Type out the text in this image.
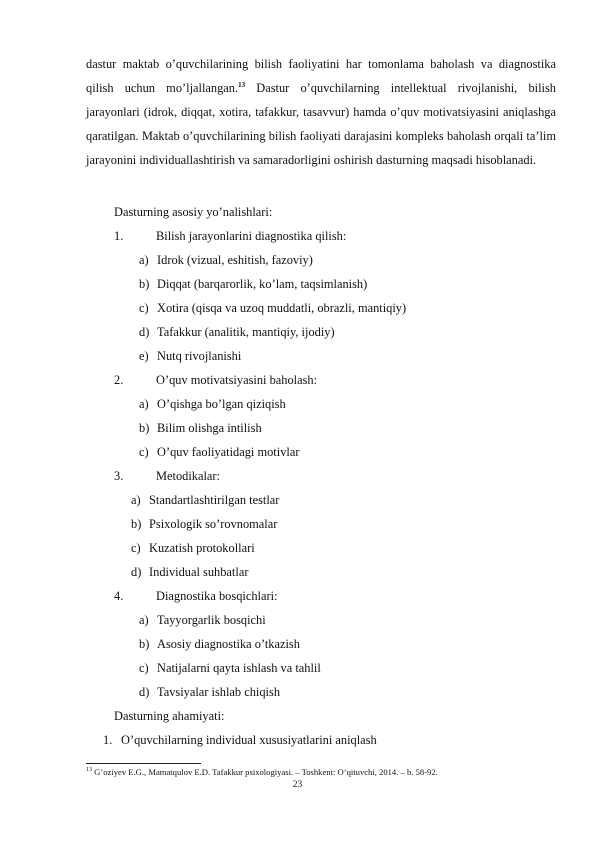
dastur maktab o’quvchilarining bilish faoliyatini har tomonlama baholash va diagnostika qilish uchun mo’ljallangan.$^{13}$ Dastur o’quvchilarning intellektual rivojlanishi, bilish jarayonlari (idrok, diqqat, xotira, tafakkur, tasavvur) hamda o’quv motivatsiyasini aniqlashga qaratilgan. Maktab o’quvchilarining bilish faoliyati darajasini kompleks baholash orqali ta’lim jarayonini individuallashtirish va samaradorligini oshirish dasturning maqsadi hisoblanadi.

Dasturning asosiy yo’nalishlari:
1.	Bilish jarayonlarini diagnostika qilish:
a) Idrok (vizual, eshitish, fazoviy)
b) Diqqat (barqarorlik, ko’lam, taqsimlanish)
c) Xotira (qisqa va uzoq muddatli, obrazli, mantiqiy)
d) Tafakkur (analitik, mantiqiy, ijodiy)
e) Nutq rivojlanishi
2.	O’quv motivatsiyasini baholash:
a) O’qishga bo’lgan qiziqish
b) Bilim olishga intilish
c) O’quv faoliyatidagi motivlar
3.	Metodikalar:
a) Standartlashtirilgan testlar
b) Psixologik so’rovnomalar
c) Kuzatish protokollari
d) Individual suhbatlar
4.	Diagnostika bosqichlari:
a) Tayyorgarlik bosqichi
b) Asosiy diagnostika o’tkazish
c) Natijalarni qayta ishlash va tahlil
d) Tavsiyalar ishlab chiqish
Dasturning ahamiyati:
1. O’quvchilarning individual xususiyatlarini aniqlash
$^{13}$ G’oziyev E.G., Mamatqulov E.D. Tafakkur psixologiyasi. – Toshkent: O’qituvchi, 2014. – b. 58-92.
23
